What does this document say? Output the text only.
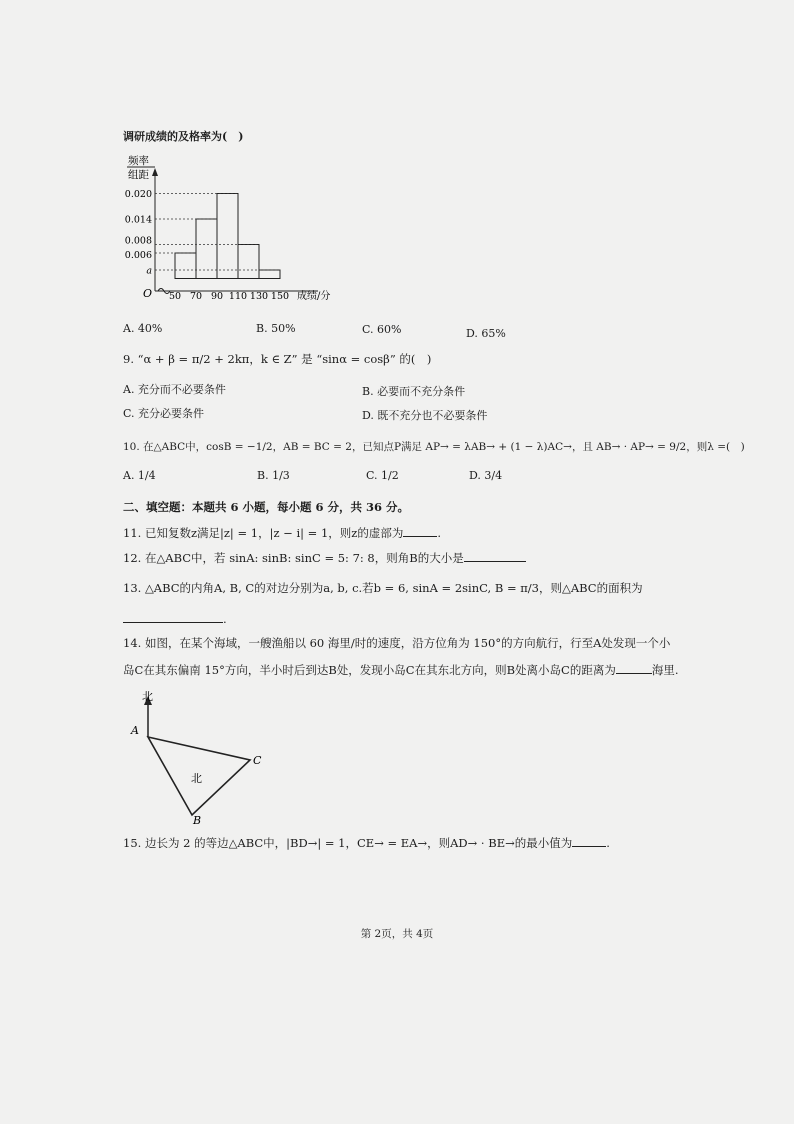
调研成绩的及格率为(　)
频率
组距
0.020
0.014
0.008
0.006
a
50 70 90 110 130 150
O	成绩/分
A. 40%	B. 50%	C. 60%	D. 65%
9. “α + β = π/2 + 2kπ，k ∈ Z” 是 “sinα = cosβ” 的(　)
A. 充分而不必要条件	B. 必要而不充分条件
C. 充分必要条件	D. 既不充分也不必要条件
10. 在△ABC中，cosB = −1/2，AB = BC = 2，已知点P满足 AP→ = λAB→ + (1 − λ)AC→，且 AB→ · AP→ = 9/2，则λ =(　)
A. 1/4	B. 1/3	C. 1/2	D. 3/4
二、填空题：本题共 6 小题，每小题 6 分，共 36 分。
11. 已知复数z满足|z| = 1，|z − i| = 1，则z的虚部为	.
12. 在△ABC中，若 sinA: sinB: sinC = 5: 7: 8，则角B的大小是
13. △ABC的内角A, B, C的对边分别为a, b, c.若b = 6, sinA = 2sinC, B = π/3，则△ABC的面积为
.
14. 如图，在某个海域，一艘渔船以 60 海里/时的速度，沿方位角为 150°的方向航行，行至A处发现一个小
岛C在其东偏南 15°方向，半小时后到达B处，发现小岛C在其东北方向，则B处离小岛C的距离为	海里.
北
A
C
B
北
15. 边长为 2 的等边△ABC中，|BD→| = 1，CE→ = EA→，则AD→ · BE→的最小值为	.
第 2页，共 4页
